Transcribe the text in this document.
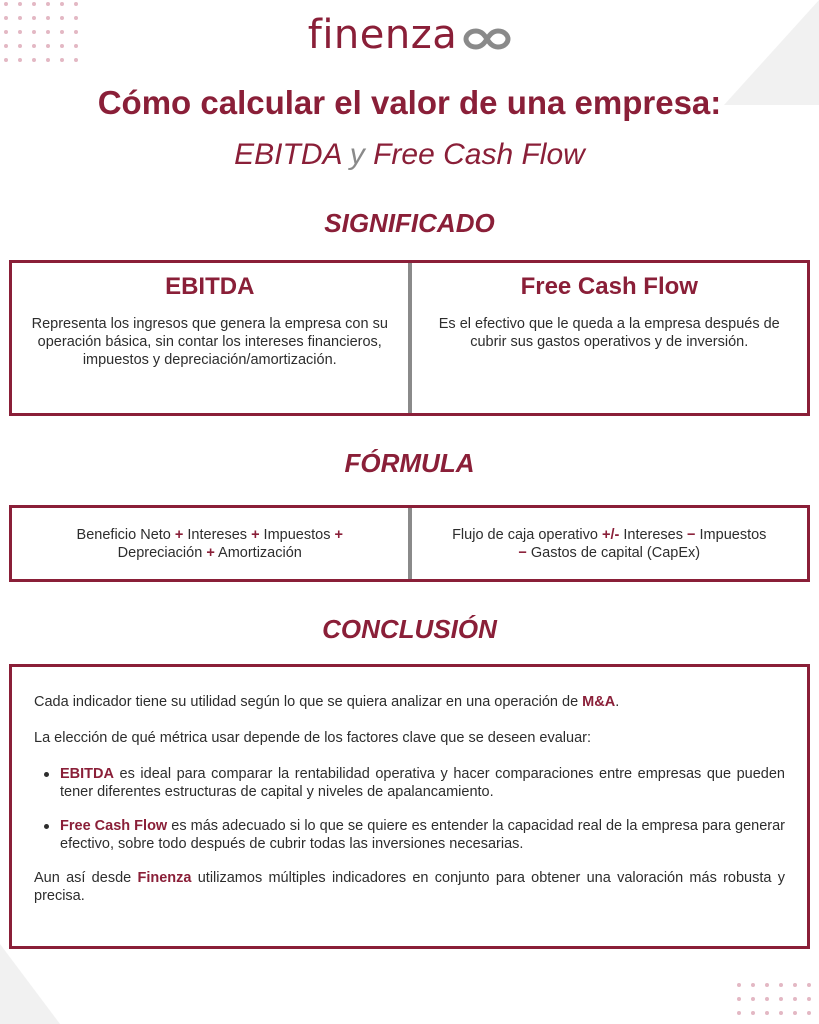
finenza
Cómo calcular el valor de una empresa:
EBITDA y Free Cash Flow
SIGNIFICADO
EBITDA
Representa los ingresos que genera la empresa con su operación básica, sin contar los intereses financieros, impuestos y depreciación/amortización.
Free Cash Flow
Es el efectivo que le queda a la empresa después de cubrir sus gastos operativos y de inversión.
FÓRMULA
Beneficio Neto + Intereses + Impuestos +
Depreciación + Amortización
Flujo de caja operativo +/- Intereses − Impuestos
− Gastos de capital (CapEx)
CONCLUSIÓN

Cada indicador tiene su utilidad según lo que se quiera analizar en una operación de M&A.

La elección de qué métrica usar depende de los factores clave que se deseen evaluar:

EBITDA es ideal para comparar la rentabilidad operativa y hacer comparaciones entre empresas que pueden tener diferentes estructuras de capital y niveles de apalancamiento.
Free Cash Flow es más adecuado si lo que se quiere es entender la capacidad real de la empresa para generar efectivo, sobre todo después de cubrir todas las inversiones necesarias.

Aun así desde Finenza utilizamos múltiples indicadores en conjunto para obtener una valoración más robusta y precisa.
